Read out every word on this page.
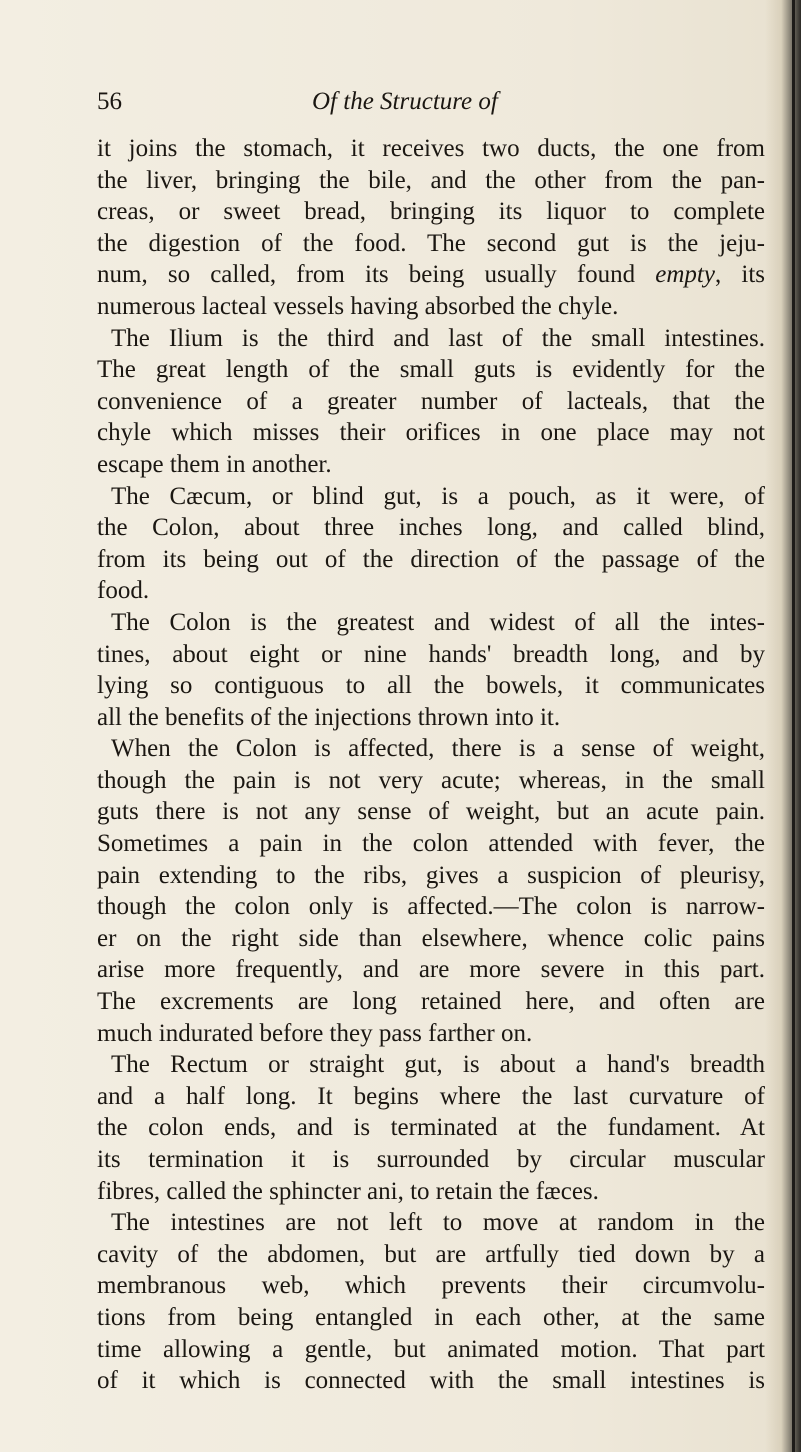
56	Of the Structure of
it joins the stomach, it receives two ducts, the one from
the liver, bringing the bile, and the other from the pan-
creas, or sweet bread, bringing its liquor to complete
the digestion of the food. The second gut is the jeju-
num, so called, from its being usually found empty, its
numerous lacteal vessels having absorbed the chyle.
The Ilium is the third and last of the small intestines.
The great length of the small guts is evidently for the
convenience of a greater number of lacteals, that the
chyle which misses their orifices in one place may not
escape them in another.
The Cæcum, or blind gut, is a pouch, as it were, of
the Colon, about three inches long, and called blind,
from its being out of the direction of the passage of the
food.
The Colon is the greatest and widest of all the intes-
tines, about eight or nine hands' breadth long, and by
lying so contiguous to all the bowels, it communicates
all the benefits of the injections thrown into it.
When the Colon is affected, there is a sense of weight,
though the pain is not very acute; whereas, in the small
guts there is not any sense of weight, but an acute pain.
Sometimes a pain in the colon attended with fever, the
pain extending to the ribs, gives a suspicion of pleurisy,
though the colon only is affected.—The colon is narrow-
er on the right side than elsewhere, whence colic pains
arise more frequently, and are more severe in this part.
The excrements are long retained here, and often are
much indurated before they pass farther on.
The Rectum or straight gut, is about a hand's breadth
and a half long. It begins where the last curvature of
the colon ends, and is terminated at the fundament. At
its termination it is surrounded by circular muscular
fibres, called the sphincter ani, to retain the fæces.
The intestines are not left to move at random in the
cavity of the abdomen, but are artfully tied down by a
membranous web, which prevents their circumvolu-
tions from being entangled in each other, at the same
time allowing a gentle, but animated motion. That part
of it which is connected with the small intestines is
